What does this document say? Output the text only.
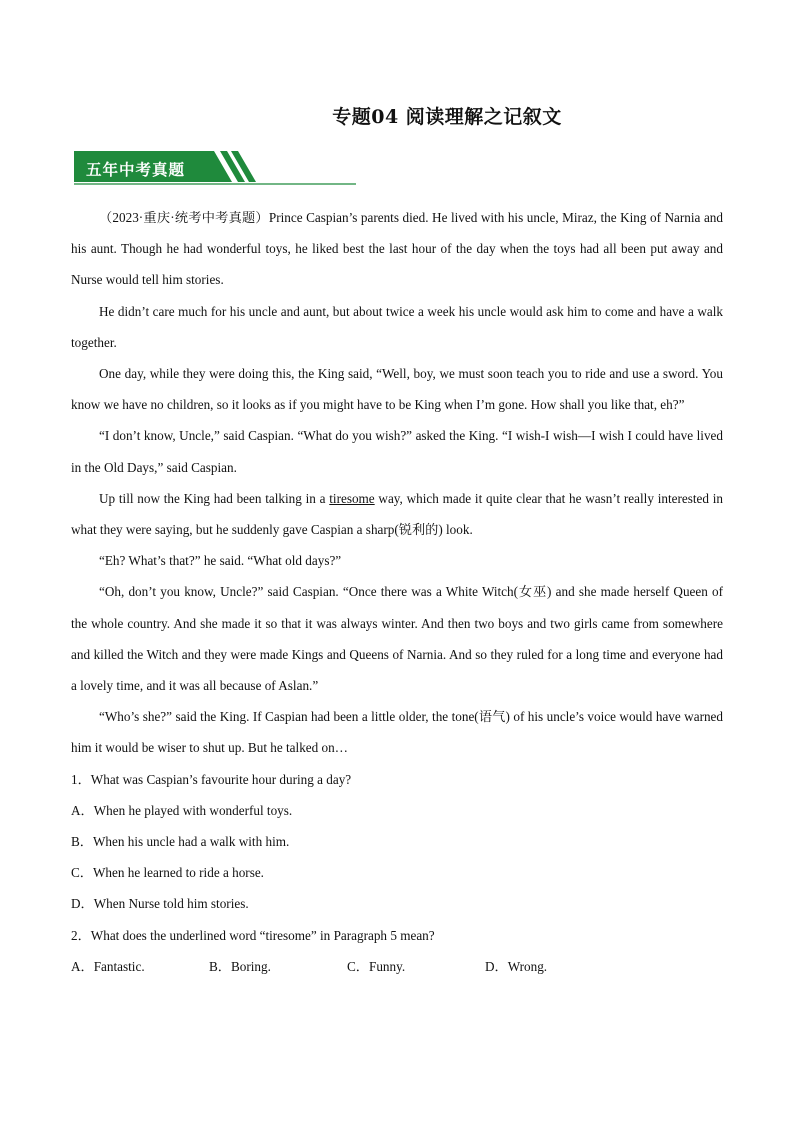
专题04 阅读理解之记叙文
五年中考真题

（2023·重庆·统考中考真题）Prince Caspian’s parents died. He lived with his uncle, Miraz, the King of Narnia and his aunt. Though he had wonderful toys, he liked best the last hour of the day when the toys had all been put away and Nurse would tell him stories.

He didn’t care much for his uncle and aunt, but about twice a week his uncle would ask him to come and have a walk together.

One day, while they were doing this, the King said, “Well, boy, we must soon teach you to ride and use a sword. You know we have no children, so it looks as if you might have to be King when I’m gone. How shall you like that, eh?”

“I don’t know, Uncle,” said Caspian. “What do you wish?” asked the King. “I wish-I wish—I wish I could have lived in the Old Days,” said Caspian.

Up till now the King had been talking in a tiresome way, which made it quite clear that he wasn’t really interested in what they were saying, but he suddenly gave Caspian a sharp(锐利的) look.

“Eh? What’s that?” he said. “What old days?”

“Oh, don’t you know, Uncle?” said Caspian. “Once there was a White Witch(女巫) and she made herself Queen of the whole country. And she made it so that it was always winter. And then two boys and two girls came from somewhere and killed the Witch and they were made Kings and Queens of Narnia. And so they ruled for a long time and everyone had a lovely time, and it was all because of Aslan.”

“Who’s she?” said the King. If Caspian had been a little older, the tone(语气) of his uncle’s voice would have warned him it would be wiser to shut up. But he talked on…

1．What was Caspian’s favourite hour during a day?

A．When he played with wonderful toys.

B．When his uncle had a walk with him.

C．When he learned to ride a horse.

D．When Nurse told him stories.

2．What does the underlined word “tiresome” in Paragraph 5 mean?

A．Fantastic.	B．Boring.	C．Funny.	D．Wrong.
